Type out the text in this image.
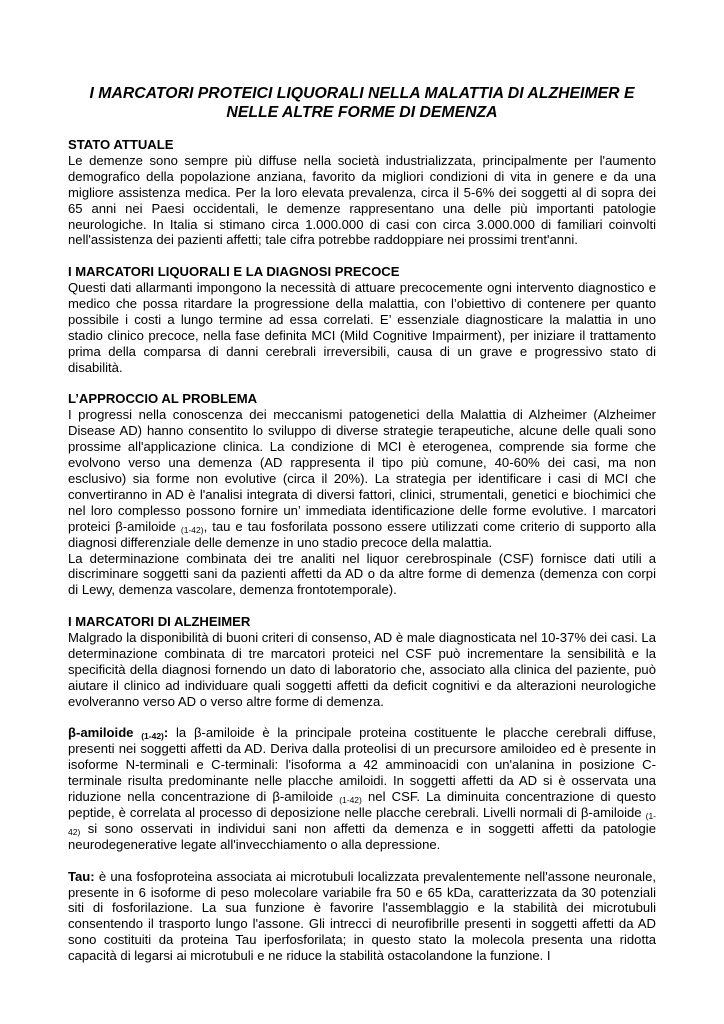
I MARCATORI PROTEICI LIQUORALI NELLA MALATTIA DI ALZHEIMER E
NELLE ALTRE FORME DI DEMENZA
STATO ATTUALE

Le demenze sono sempre più diffuse nella società industrializzata, principalmente per l'aumento demografico della popolazione anziana, favorito da migliori condizioni di vita in genere e da una migliore assistenza medica. Per la loro elevata prevalenza, circa il 5-6% dei soggetti al di sopra dei 65 anni nei Paesi occidentali, le demenze rappresentano una delle più importanti patologie neurologiche. In Italia si stimano circa 1.000.000 di casi con circa 3.000.000 di familiari coinvolti nell'assistenza dei pazienti affetti; tale cifra potrebbe raddoppiare nei prossimi trent'anni.

I MARCATORI LIQUORALI E LA DIAGNOSI PRECOCE

Questi dati allarmanti impongono la necessità di attuare precocemente ogni intervento diagnostico e medico che possa ritardare la progressione della malattia, con l’obiettivo di contenere per quanto possibile i costi a lungo termine ad essa correlati. E’ essenziale diagnosticare la malattia in uno stadio clinico precoce, nella fase definita MCI (Mild Cognitive Impairment), per iniziare il trattamento prima della comparsa di danni cerebrali irreversibili, causa di un grave e progressivo stato di disabilità.

L’APPROCCIO AL PROBLEMA

I progressi nella conoscenza dei meccanismi patogenetici della Malattia di Alzheimer (Alzheimer Disease AD) hanno consentito lo sviluppo di diverse strategie terapeutiche, alcune delle quali sono prossime all'applicazione clinica. La condizione di MCI è eterogenea, comprende sia forme che evolvono verso una demenza (AD rappresenta il tipo più comune, 40-60% dei casi, ma non esclusivo) sia forme non evolutive (circa il 20%). La strategia per identificare i casi di MCI che convertiranno in AD è l'analisi integrata di diversi fattori, clinici, strumentali, genetici e biochimici che nel loro complesso possono fornire un’ immediata identificazione delle forme evolutive. I marcatori proteici β-amiloide $_{(1-42)}$, tau e tau fosforilata possono essere utilizzati come criterio di supporto alla diagnosi differenziale delle demenze in uno stadio precoce della malattia.

La determinazione combinata dei tre analiti nel liquor cerebrospinale (CSF) fornisce dati utili a discriminare soggetti sani da pazienti affetti da AD o da altre forme di demenza (demenza con corpi di Lewy, demenza vascolare, demenza frontotemporale).

I MARCATORI DI ALZHEIMER

Malgrado la disponibilità di buoni criteri di consenso, AD è male diagnosticata nel 10-37% dei casi. La determinazione combinata di tre marcatori proteici nel CSF può incrementare la sensibilità e la specificità della diagnosi fornendo un dato di laboratorio che, associato alla clinica del paziente, può aiutare il clinico ad individuare quali soggetti affetti da deficit cognitivi e da alterazioni neurologiche evolveranno verso AD o verso altre forme di demenza.

β-amiloide $_{(1-42)}$: la β-amiloide è la principale proteina costituente le placche cerebrali diffuse, presenti nei soggetti affetti da AD. Deriva dalla proteolisi di un precursore amiloideo ed è presente in isoforme N-terminali e C-terminali: l'isoforma a 42 amminoacidi con un'alanina in posizione C-terminale risulta predominante nelle placche amiloidi. In soggetti affetti da AD si è osservata una riduzione nella concentrazione di β-amiloide $_{(1-42)}$ nel CSF. La diminuita concentrazione di questo peptide, è correlata al processo di deposizione nelle placche cerebrali. Livelli normali di β-amiloide $_{(1-42)}$ si sono osservati in individui sani non affetti da demenza e in soggetti affetti da patologie neurodegenerative legate all'invecchiamento o alla depressione.

Tau: è una fosfoproteina associata ai microtubuli localizzata prevalentemente nell'assone neuronale, presente in 6 isoforme di peso molecolare variabile fra 50 e 65 kDa, caratterizzata da 30 potenziali siti di fosforilazione. La sua funzione è favorire l'assemblaggio e la stabilità dei microtubuli consentendo il trasporto lungo l'assone. Gli intrecci di neurofibrille presenti in soggetti affetti da AD sono costituiti da proteina Tau iperfosforilata; in questo stato la molecola presenta una ridotta capacità di legarsi ai microtubuli e ne riduce la stabilità ostacolandone la funzione. I
